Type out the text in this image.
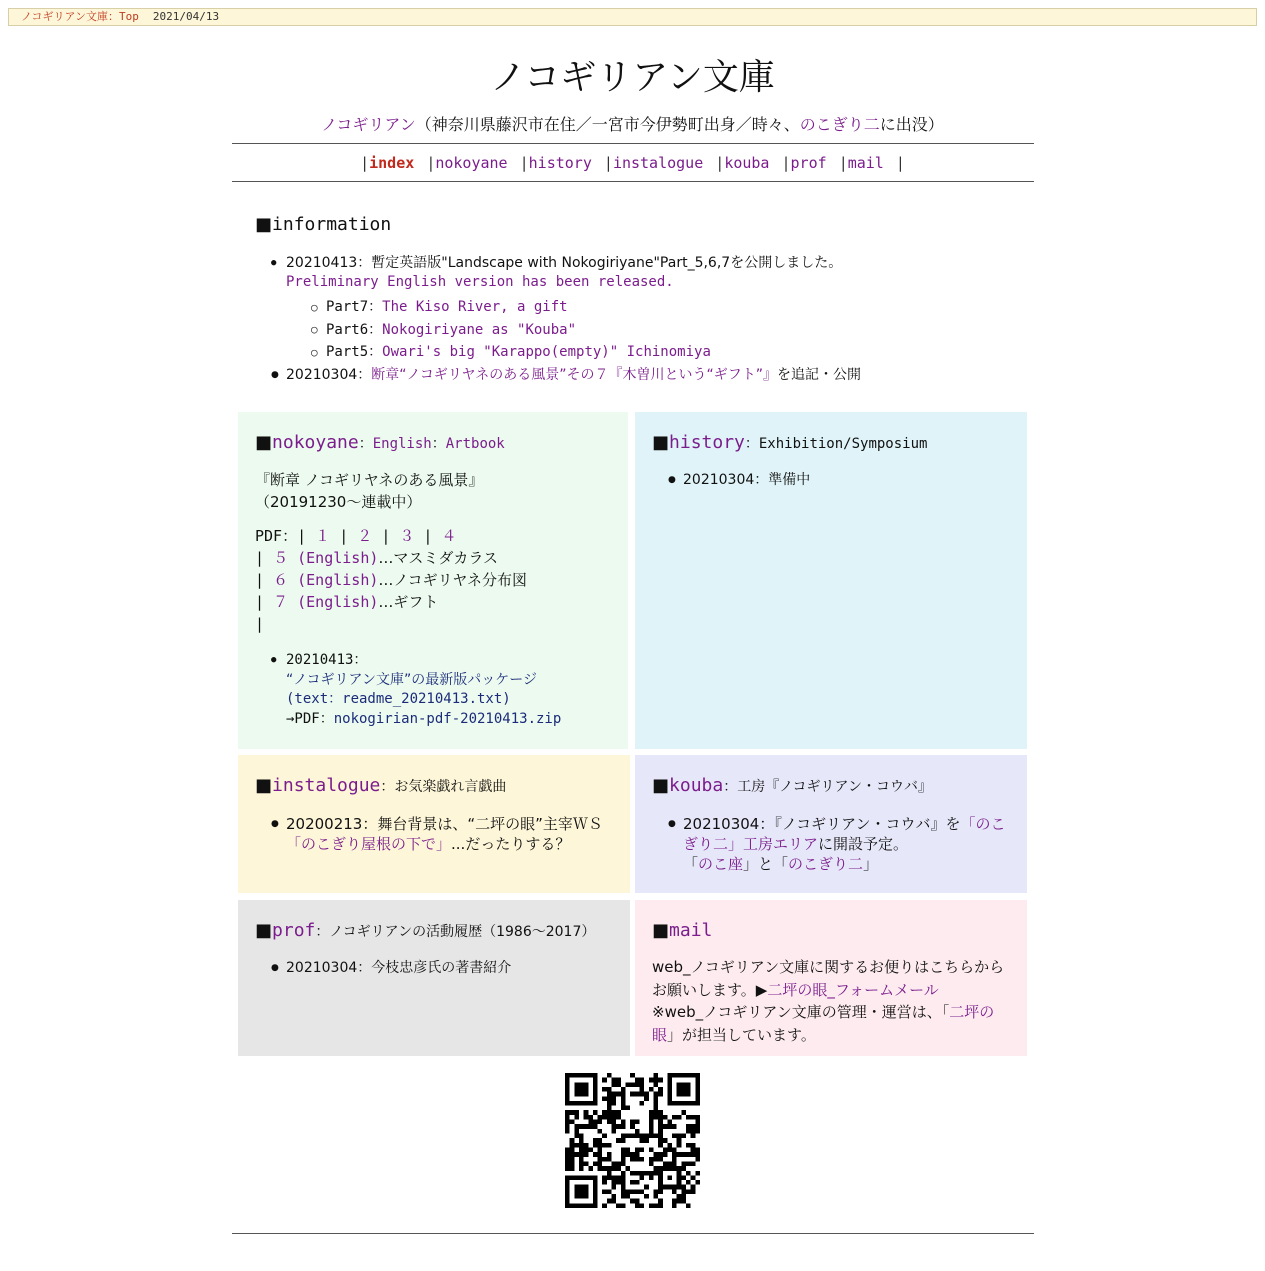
ノコギリアン文庫：Top 2021/04/13
ノコギリアン文庫
ノコギリアン（神奈川県藤沢市在住／一宮市今伊勢町出身／時々、のこぎり二に出没）
|index |nokoyane |history |instalogue |kouba |prof |mail |
■information
● 20210413：暫定英語版"Landscape with Nokogiriyane"Part_5,6,7を公開しました。
Preliminary English version has been released.
○ Part7：The Kiso River, a gift
○ Part6：Nokogiriyane as "Kouba"
○ Part5：Owari's big "Karappo(empty)" Ichinomiya
● 20210304：断章“ノコギリヤネのある風景”その７『木曽川という“ギフト”』を追記・公開
■nokoyane：English：Artbook
『断章 ノコギリヤネのある風景』
（20191230〜連載中）
PDF：| １ | ２ | ３ | ４
| ５ (English)…マスミダカラス
| ６ (English)…ノコギリヤネ分布図
| ７ (English)…ギフト
|
● 20210413：
“ノコギリアン文庫”の最新版パッケージ
(text：readme_20210413.txt)
→PDF：nokogirian-pdf-20210413.zip
■history：Exhibition/Symposium
● 20210304：準備中
■instalogue：お気楽戯れ言戯曲
● 20200213：舞台背景は、“二坪の眼”主宰ＷＳ
「のこぎり屋根の下で」...だったりする？
■kouba：工房『ノコギリアン・コウバ』
● 20210304：『ノコギリアン・コウバ』を「のこぎり二」工房エリアに開設予定。
「のこ座」と「のこぎり二」
■prof：ノコギリアンの活動履歴（1986〜2017）
● 20210304：今枝忠彦氏の著書紹介
■mail
web_ノコギリアン文庫に関するお便りはこちらから
お願いします。▶二坪の眼_フォームメール
※web_ノコギリアン文庫の管理・運営は、「二坪の
眼」が担当しています。
